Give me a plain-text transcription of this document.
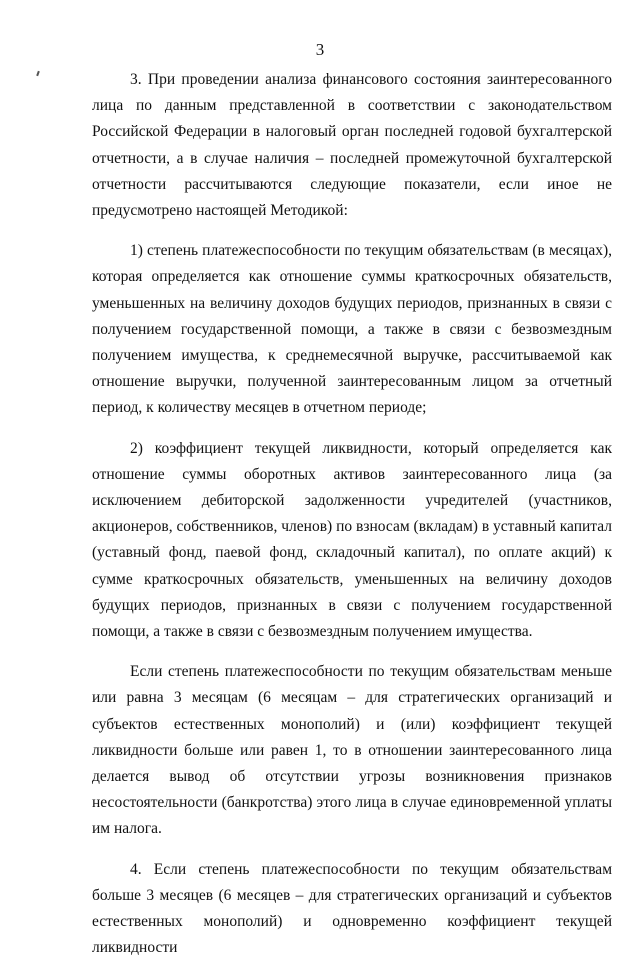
3

3. При проведении анализа финансового состояния заинтересованного лица по данным представленной в соответствии с законодательством Российской Федерации в налоговый орган последней годовой бухгалтерской отчетности, а в случае наличия – последней промежуточной бухгалтерской отчетности рассчитываются следующие показатели, если иное не предусмотрено настоящей Методикой:

1) степень платежеспособности по текущим обязательствам (в месяцах), которая определяется как отношение суммы краткосрочных обязательств, уменьшенных на величину доходов будущих периодов, признанных в связи с получением государственной помощи, а также в связи с безвозмездным получением имущества, к среднемесячной выручке, рассчитываемой как отношение выручки, полученной заинтересованным лицом за отчетный период, к количеству месяцев в отчетном периоде;

2) коэффициент текущей ликвидности, который определяется как отношение суммы оборотных активов заинтересованного лица (за исключением дебиторской задолженности учредителей (участников, акционеров, собственников, членов) по взносам (вкладам) в уставный капитал (уставный фонд, паевой фонд, складочный капитал), по оплате акций) к сумме краткосрочных обязательств, уменьшенных на величину доходов будущих периодов, признанных в связи с получением государственной помощи, а также в связи с безвозмездным получением имущества.

Если степень платежеспособности по текущим обязательствам меньше или равна 3 месяцам (6 месяцам – для стратегических организаций и субъектов естественных монополий) и (или) коэффициент текущей ликвидности больше или равен 1, то в отношении заинтересованного лица делается вывод об отсутствии угрозы возникновения признаков несостоятельности (банкротства) этого лица в случае единовременной уплаты им налога.

4. Если степень платежеспособности по текущим обязательствам больше 3 месяцев (6 месяцев – для стратегических организаций и субъектов естественных монополий) и одновременно коэффициент текущей ликвидности
